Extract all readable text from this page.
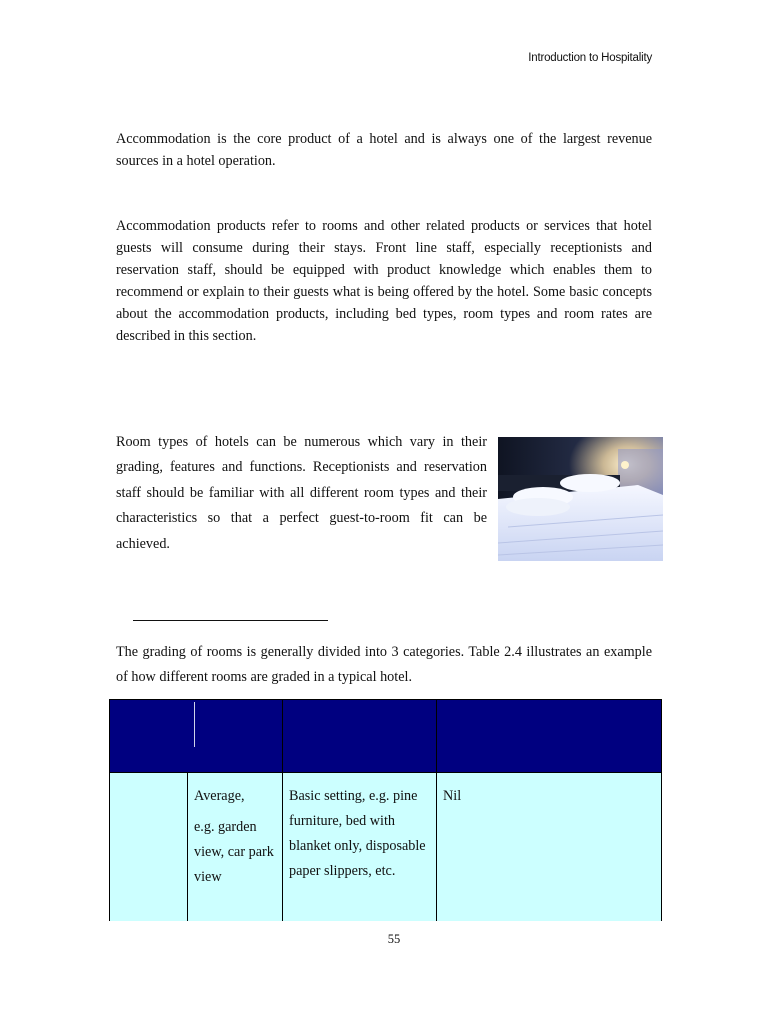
Introduction to Hospitality

Accommodation is the core product of a hotel and is always one of the largest revenue sources in a hotel operation.

Accommodation products refer to rooms and other related products or services that hotel guests will consume during their stays. Front line staff, especially receptionists and reservation staff, should be equipped with product knowledge which enables them to recommend or explain to their guests what is being offered by the hotel. Some basic concepts about the accommodation products, including bed types, room types and room rates are described in this section.

Room types of hotels can be numerous which vary in their grading, features and functions. Receptionists and reservation staff should be familiar with all different room types and their characteristics so that a perfect guest-to-room fit can be achieved.

The grading of rooms is generally divided into 3 categories. Table 2.4 illustrates an example of how different rooms are graded in a typical hotel.

Average,
e.g. garden view, car park view
Basic setting, e.g. pine furniture, bed with blanket only, disposable paper slippers, etc.
Nil
55
